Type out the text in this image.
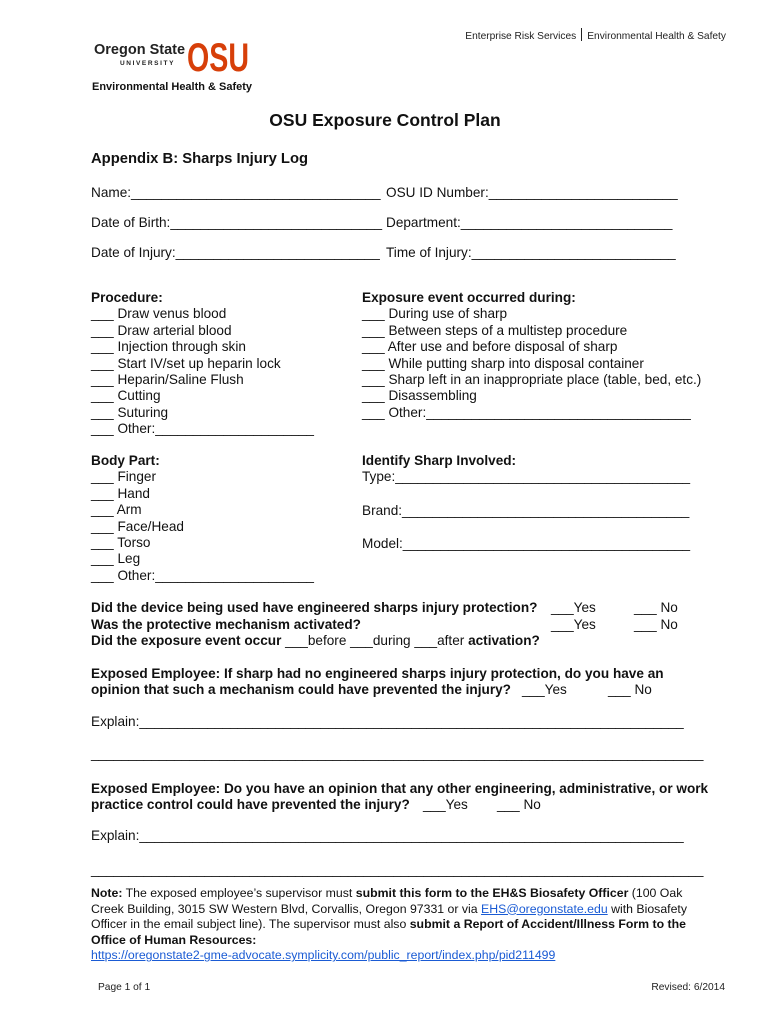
Oregon State
UNIVERSITY OSU
Environmental Health & Safety
Enterprise Risk Services Environmental Health & Safety
OSU Exposure Control Plan
Appendix B: Sharps Injury Log
Name:_________________________________ OSU ID Number:_________________________
Date of Birth:____________________________ Department:____________________________
Date of Injury:___________________________ Time of Injury:___________________________
Procedure:
___ Draw venus blood
___ Draw arterial blood
___ Injection through skin
___ Start IV/set up heparin lock
___ Heparin/Saline Flush
___ Cutting
___ Suturing
___ Other:_____________________
Exposure event occurred during:
___ During use of sharp
___ Between steps of a multistep procedure
___ After use and before disposal of sharp
___ While putting sharp into disposal container
___ Sharp left in an inappropriate place (table, bed, etc.)
___ Disassembling
___ Other:___________________________________
Body Part:
___ Finger
___ Hand
___ Arm
___ Face/Head
___ Torso
___ Leg
___ Other:_____________________
Identify Sharp Involved:
Type:_______________________________________
Brand:______________________________________
Model:______________________________________
Did the device being used have engineered sharps injury protection? ___Yes	___ No
Was the protective mechanism activated?	___Yes	___ No
Did the exposure event occur ___before ___during ___after activation?
Exposed Employee: If sharp had no engineered sharps injury protection, do you have an
opinion that such a mechanism could have prevented the injury? ___Yes	___ No
Explain:________________________________________________________________________
_________________________________________________________________________________
Exposed Employee: Do you have an opinion that any other engineering, administrative, or work
practice control could have prevented the injury? ___Yes ___ No
Explain:________________________________________________________________________
_________________________________________________________________________________
Note: The exposed employee’s supervisor must submit this form to the EH&S Biosafety Officer (100 Oak Creek Building, 3015 SW Western Blvd, Corvallis, Oregon 97331 or via EHS@oregonstate.edu with Biosafety Officer in the email subject line). The supervisor must also submit a Report of Accident/Illness Form to the Office of Human Resources:
https://oregonstate2-gme-advocate.symplicity.com/public_report/index.php/pid211499
Page 1 of 1	Revised: 6/2014
